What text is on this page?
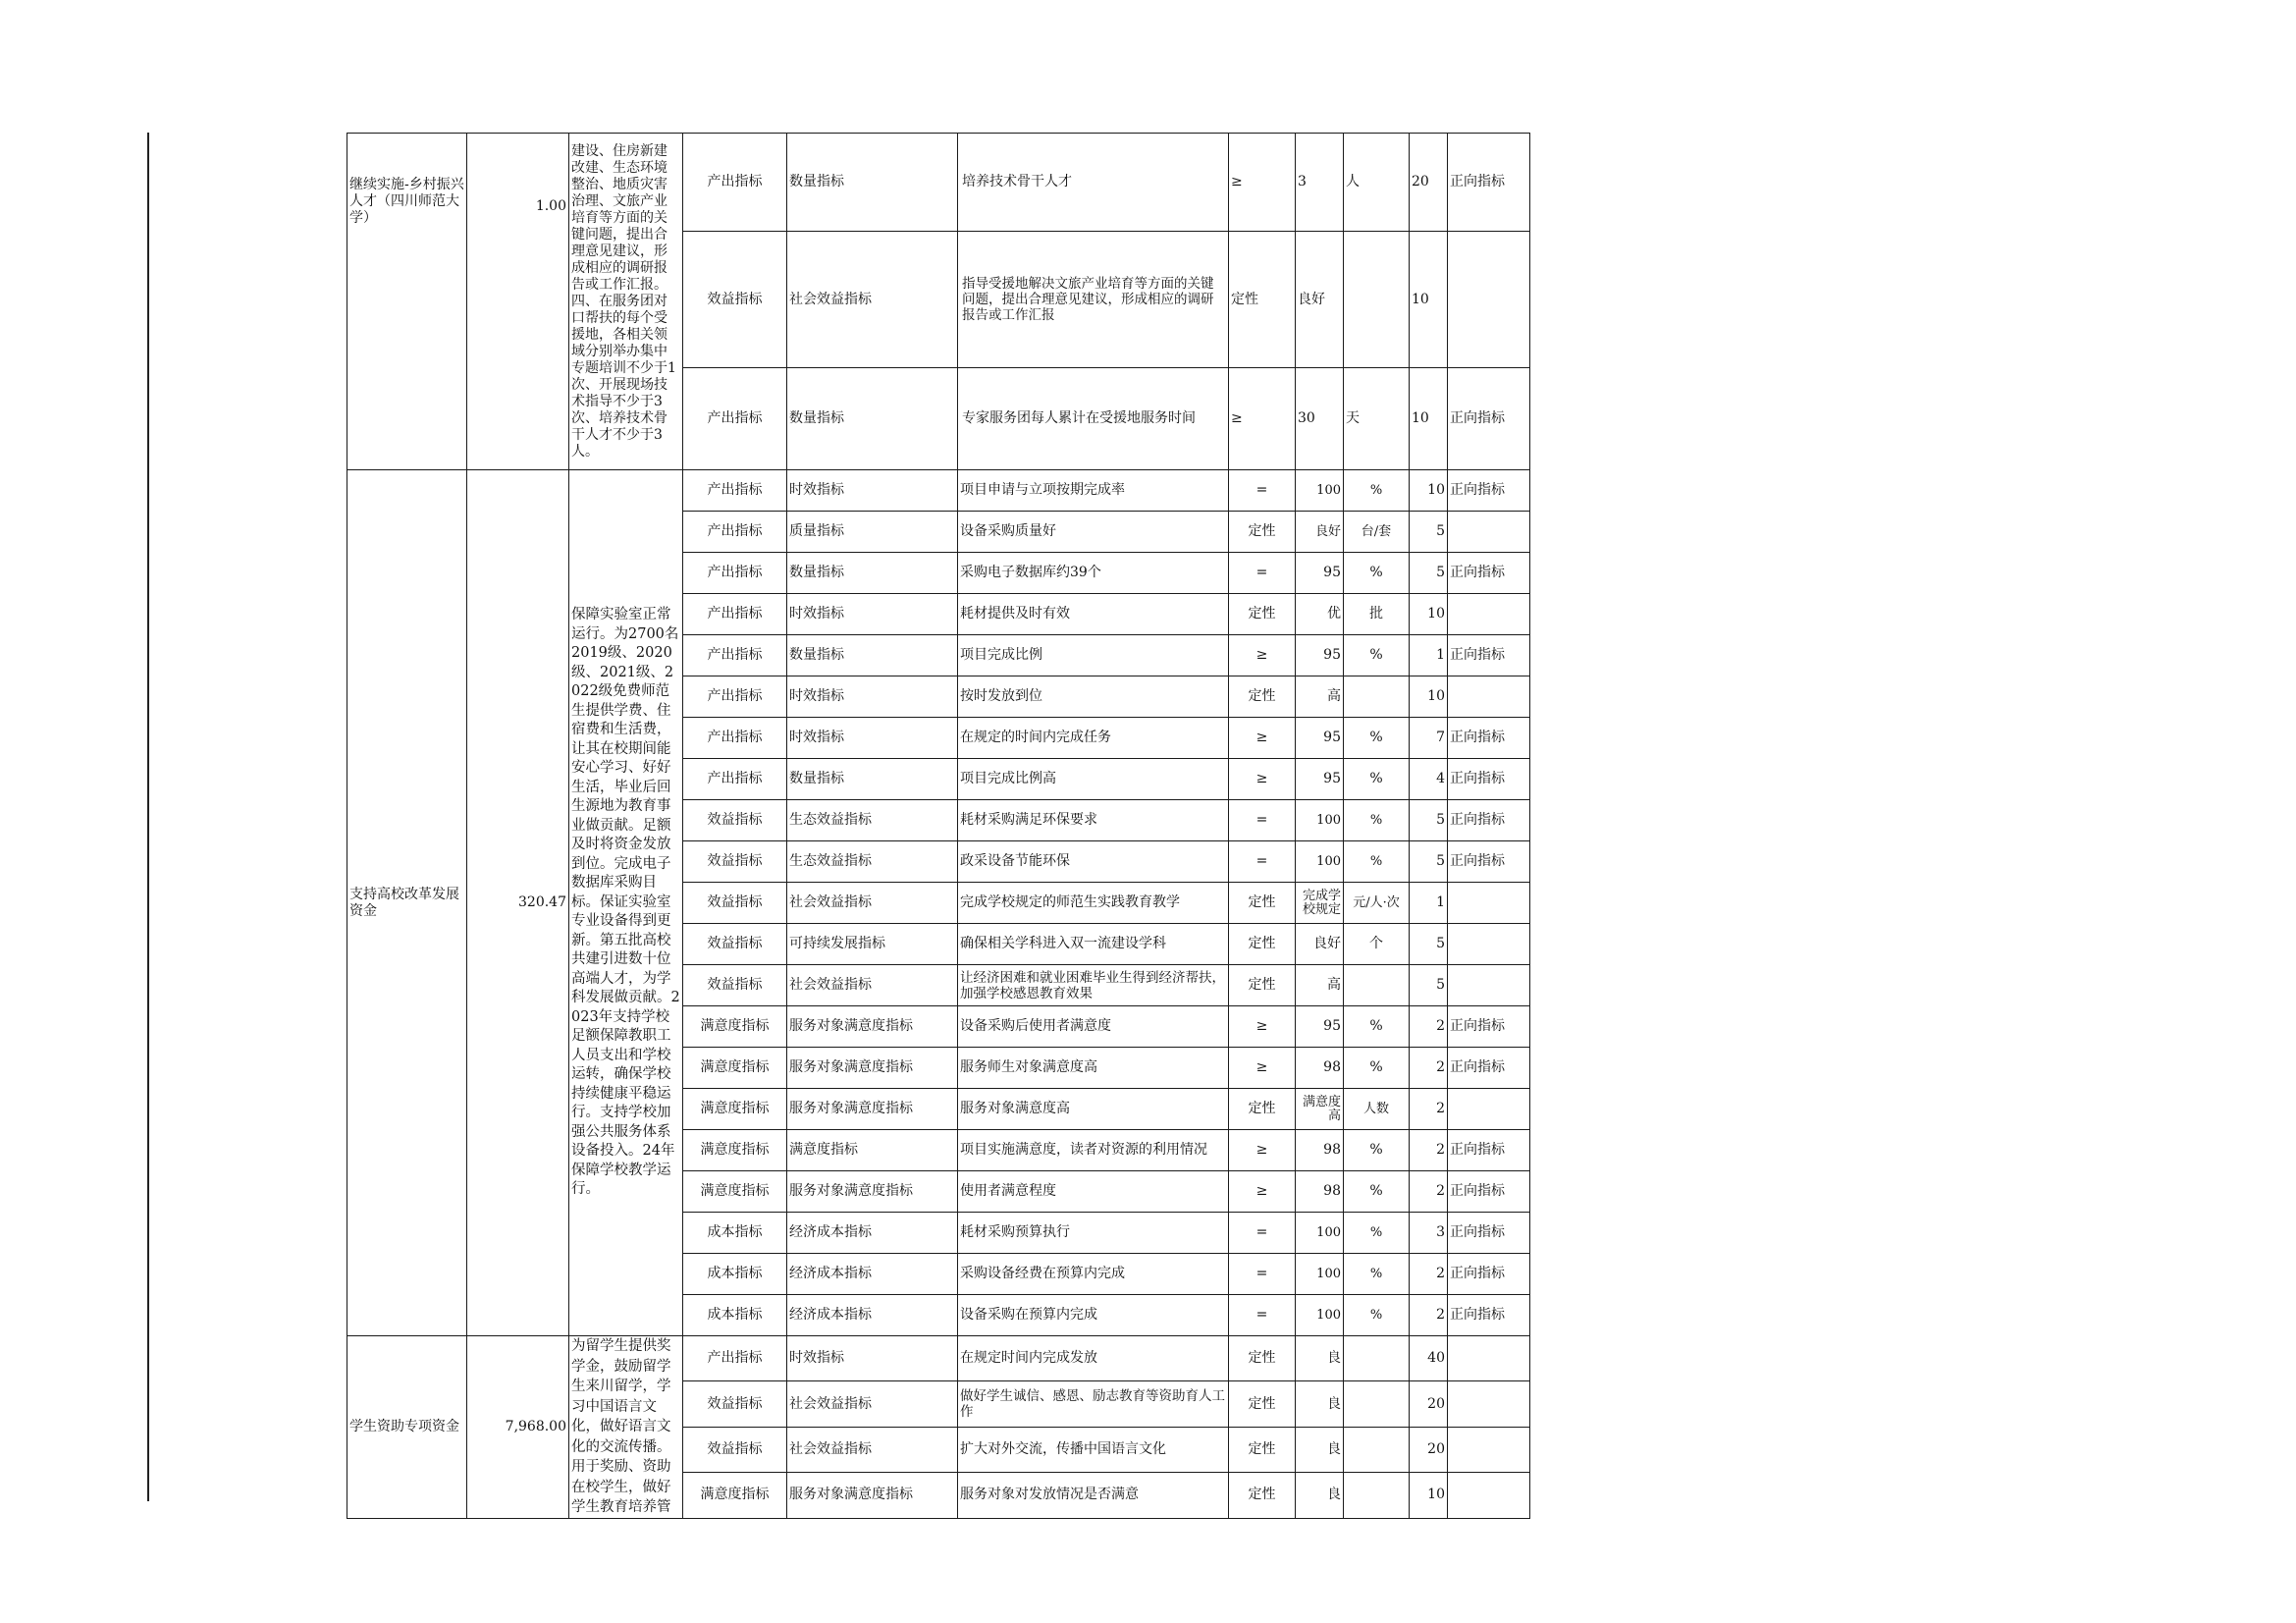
继续实施-乡村振兴人才（四川师范大学）	1.00	建设、住房新建改建、生态环境整治、地质灾害治理、文旅产业培育等方面的关键问题，提出合理意见建议，形成相应的调研报告或工作汇报。四、在服务团对口帮扶的每个受援地，各相关领域分别举办集中专题培训不少于1次、开展现场技术指导不少于3次、培养技术骨干人才不少于3人。	产出指标	数量指标	培养技术骨干人才	≥	3	人	20	正向指标
			效益指标	社会效益指标	指导受援地解决文旅产业培育等方面的关键问题，提出合理意见建议，形成相应的调研报告或工作汇报	定性	良好		10	
			产出指标	数量指标	专家服务团每人累计在受援地服务时间	≥	30	天	10	正向指标

支持高校改革发展资金	320.47	保障实验室正常运行。为2700名2019级、2020级、2021级、2022级免费师范生提供学费、住宿费和生活费，让其在校期间能安心学习、好好生活，毕业后回生源地为教育事业做贡献。足额及时将资金发放到位。完成电子数据库采购目标。保证实验室专业设备得到更新。第五批高校共建引进数十位高端人才，为学科发展做贡献。2023年支持学校足额保障教职工人员支出和学校运转，确保学校持续健康平稳运行。支持学校加强公共服务体系设备投入。24年保障学校教学运行。	产出指标	时效指标	项目申请与立项按期完成率	=	100	%	10	正向指标
			产出指标	质量指标	设备采购质量好	定性	良好	台/套	5	
			产出指标	数量指标	采购电子数据库约39个	=	95	%	5	正向指标
			产出指标	时效指标	耗材提供及时有效	定性	优	批	10	
			产出指标	数量指标	项目完成比例	≥	95	%	1	正向指标
			产出指标	时效指标	按时发放到位	定性	高		10	
			产出指标	时效指标	在规定的时间内完成任务	≥	95	%	7	正向指标
			产出指标	数量指标	项目完成比例高	≥	95	%	4	正向指标
			效益指标	生态效益指标	耗材采购满足环保要求	=	100	%	5	正向指标
			效益指标	生态效益指标	政采设备节能环保	=	100	%	5	正向指标
			效益指标	社会效益指标	完成学校规定的师范生实践教育教学	定性	完成学校规定	元/人·次	1	
			效益指标	可持续发展指标	确保相关学科进入双一流建设学科	定性	良好	个	5	
			效益指标	社会效益指标	让经济困难和就业困难毕业生得到经济帮扶，加强学校感恩教育效果	定性	高		5	
			满意度指标	服务对象满意度指标	设备采购后使用者满意度	≥	95	%	2	正向指标
			满意度指标	服务对象满意度指标	服务师生对象满意度高	≥	98	%	2	正向指标
			满意度指标	服务对象满意度指标	服务对象满意度高	定性	满意度高	人数	2	
			满意度指标	满意度指标	项目实施满意度，读者对资源的利用情况	≥	98	%	2	正向指标
			满意度指标	服务对象满意度指标	使用者满意程度	≥	98	%	2	正向指标
			成本指标	经济成本指标	耗材采购预算执行	=	100	%	3	正向指标
			成本指标	经济成本指标	采购设备经费在预算内完成	=	100	%	2	正向指标
			成本指标	经济成本指标	设备采购在预算内完成	=	100	%	2	正向指标

学生资助专项资金	7,968.00	为留学生提供奖学金，鼓励留学生来川留学，学习中国语言文化，做好语言文化的交流传播。用于奖励、资助在校学生，做好学生教育培养管	产出指标	时效指标	在规定时间内完成发放	定性	良		40	
			效益指标	社会效益指标	做好学生诚信、感恩、励志教育等资助育人工作	定性	良		20	
			效益指标	社会效益指标	扩大对外交流，传播中国语言文化	定性	良		20	
			满意度指标	服务对象满意度指标	服务对象对发放情况是否满意	定性	良		10	
